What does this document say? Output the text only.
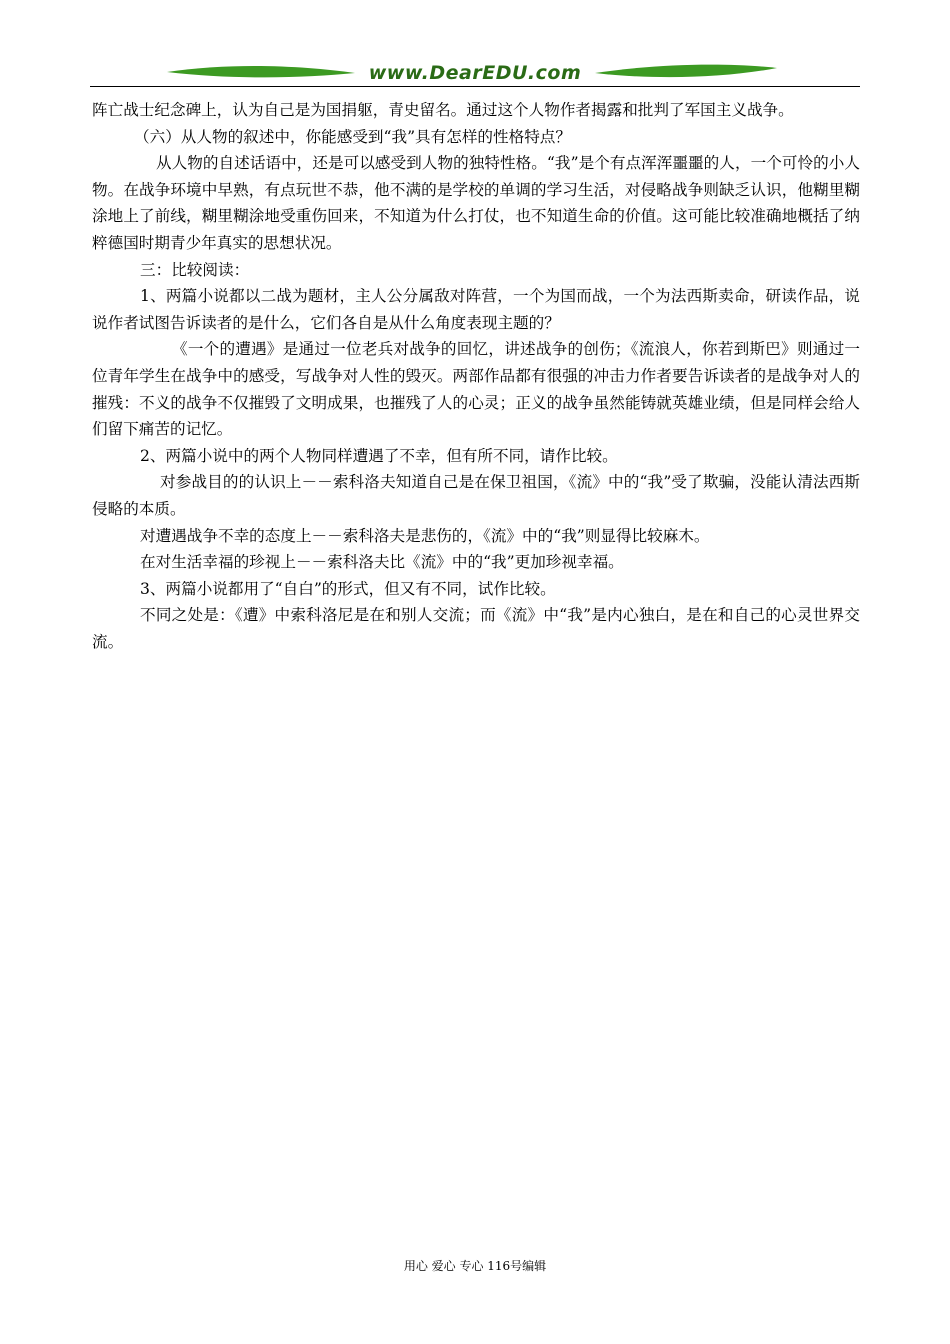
www.DearEDU.com

阵亡战士纪念碑上，认为自己是为国捐躯，青史留名。通过这个人物作者揭露和批判了军国主义战争。

（六）从人物的叙述中，你能感受到“我”具有怎样的性格特点？

从人物的自述话语中，还是可以感受到人物的独特性格。“我”是个有点浑浑噩噩的人，一个可怜的小人物。在战争环境中早熟，有点玩世不恭，他不满的是学校的单调的学习生活，对侵略战争则缺乏认识，他糊里糊涂地上了前线，糊里糊涂地受重伤回来，不知道为什么打仗，也不知道生命的价值。这可能比较准确地概括了纳粹德国时期青少年真实的思想状况。

三：比较阅读：

1、两篇小说都以二战为题材，主人公分属敌对阵营，一个为国而战，一个为法西斯卖命，研读作品，说说作者试图告诉读者的是什么，它们各自是从什么角度表现主题的？

《一个的遭遇》是通过一位老兵对战争的回忆，讲述战争的创伤；《流浪人，你若到斯巴》则通过一位青年学生在战争中的感受，写战争对人性的毁灭。两部作品都有很强的冲击力作者要告诉读者的是战争对人的摧残：不义的战争不仅摧毁了文明成果，也摧残了人的心灵；正义的战争虽然能铸就英雄业绩，但是同样会给人们留下痛苦的记忆。

2、两篇小说中的两个人物同样遭遇了不幸，但有所不同，请作比较。

对参战目的的认识上－－索科洛夫知道自己是在保卫祖国，《流》中的“我”受了欺骗，没能认清法西斯侵略的本质。

对遭遇战争不幸的态度上－－索科洛夫是悲伤的，《流》中的“我”则显得比较麻木。

在对生活幸福的珍视上－－索科洛夫比《流》中的“我”更加珍视幸福。

3、两篇小说都用了“自白”的形式，但又有不同，试作比较。

不同之处是：《遭》中索科洛尼是在和别人交流；而《流》中“我”是内心独白，是在和自己的心灵世界交流。

用心 爱心 专心 116号编辑
